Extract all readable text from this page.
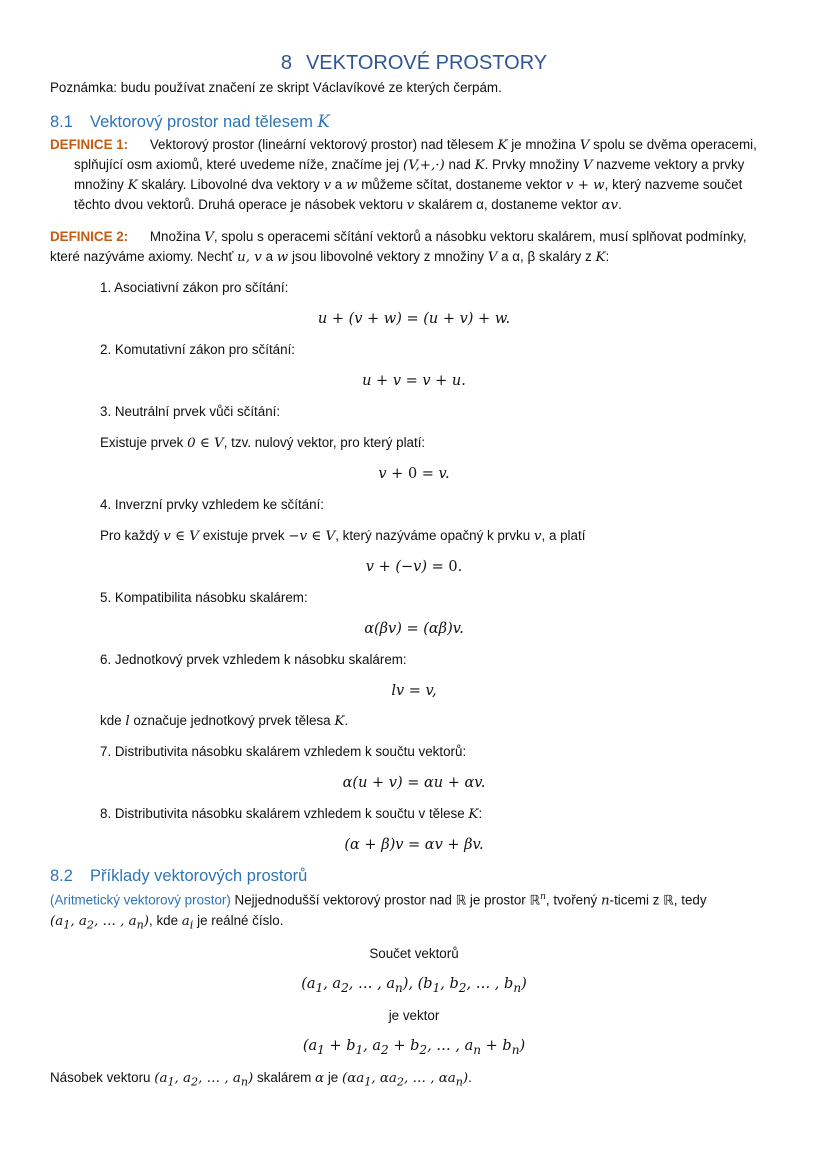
8 VEKTOROVÉ PROSTORY
Poznámka: budu používat značení ze skript Václavíkové ze kterých čerpám.
8.1 Vektorový prostor nad tělesem K
DEFINICE 1: Vektorový prostor (lineární vektorový prostor) nad tělesem K je množina V spolu se dvěma operacemi,
splňující osm axiomů, které uvedeme níže, značíme jej (V,+,·) nad K. Prvky množiny V nazveme vektory a prvky
množiny K skaláry. Libovolné dva vektory v a w můžeme sčítat, dostaneme vektor v + w, který nazveme součet
těchto dvou vektorů. Druhá operace je násobek vektoru v skalárem α, dostaneme vektor αv.
DEFINICE 2: Množina V, spolu s operacemi sčítání vektorů a násobku vektoru skalárem, musí splňovat podmínky,
které nazýváme axiomy. Nechť u, v a w jsou libovolné vektory z množiny V a α, β skaláry z K:
1. Asociativní zákon pro sčítání:
u + (v + w) = (u + v) + w.
2. Komutativní zákon pro sčítání:
u + v = v + u.
3. Neutrální prvek vůči sčítání:
Existuje prvek 0 ∈ V, tzv. nulový vektor, pro který platí:
v + 0 = v.
4. Inverzní prvky vzhledem ke sčítání:
Pro každý v ∈ V existuje prvek −v ∈ V, který nazýváme opačný k prvku v, a platí
v + (−v) = 0.
5. Kompatibilita násobku skalárem:
α(βv) = (αβ)v.
6. Jednotkový prvek vzhledem k násobku skalárem:
lv = v,
kde l označuje jednotkový prvek tělesa K.
7. Distributivita násobku skalárem vzhledem k součtu vektorů:
α(u + v) = αu + αv.
8. Distributivita násobku skalárem vzhledem k součtu v tělese K:
(α + β)v = αv + βv.
8.2 Příklady vektorových prostorů
(Aritmetický vektorový prostor) Nejjednodušší vektorový prostor nad ℝ je prostor ℝ$^n$, tvořený n-ticemi z ℝ, tedy
($a_1$, $a_2$, … , $a_n$), kde $a_i$ je reálné číslo.
Součet vektorů
($a_1$, $a_2$, … , $a_n$), ($b_1$, $b_2$, … , $b_n$)
je vektor
($a_1 + b_1$, $a_2 + b_2$, … , $a_n + b_n$)
Násobek vektoru ($a_1$, $a_2$, … , $a_n$) skalárem α je ($\alpha a_1$, $\alpha a_2$, … , $\alpha a_n$).
